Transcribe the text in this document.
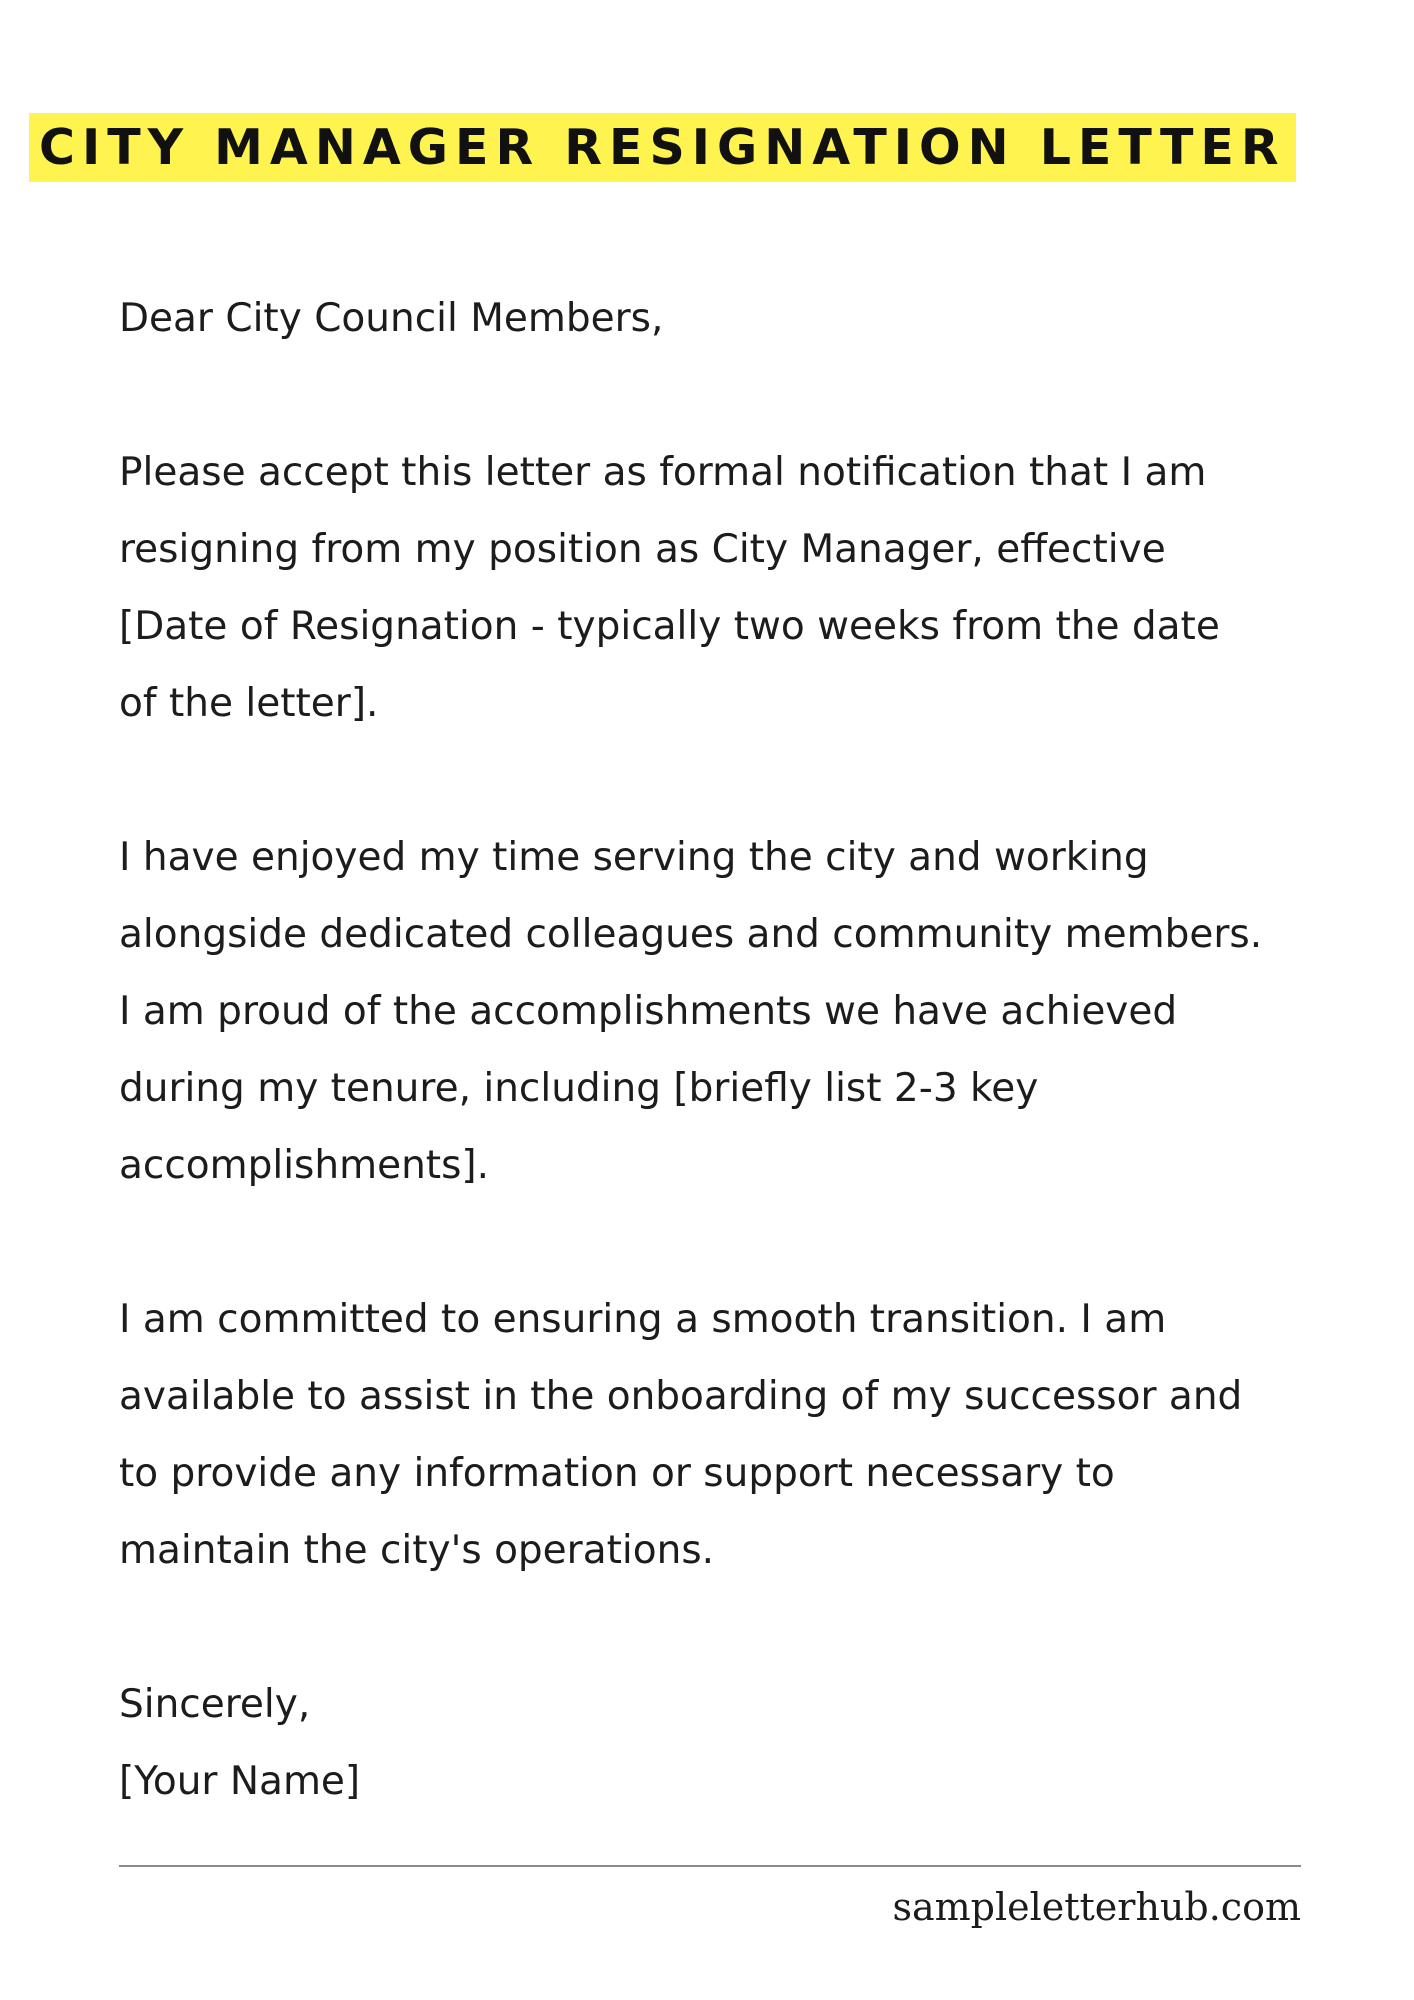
CITY MANAGER RESIGNATION LETTER

Dear City Council Members,

Please accept this letter as formal notification that I am

resigning from my position as City Manager, effective

[Date of Resignation - typically two weeks from the date

of the letter].

I have enjoyed my time serving the city and working

alongside dedicated colleagues and community members.

I am proud of the accomplishments we have achieved

during my tenure, including [briefly list 2-3 key

accomplishments].

I am committed to ensuring a smooth transition. I am

available to assist in the onboarding of my successor and

to provide any information or support necessary to

maintain the city's operations.

Sincerely,

[Your Name]

sampleletterhub.com
